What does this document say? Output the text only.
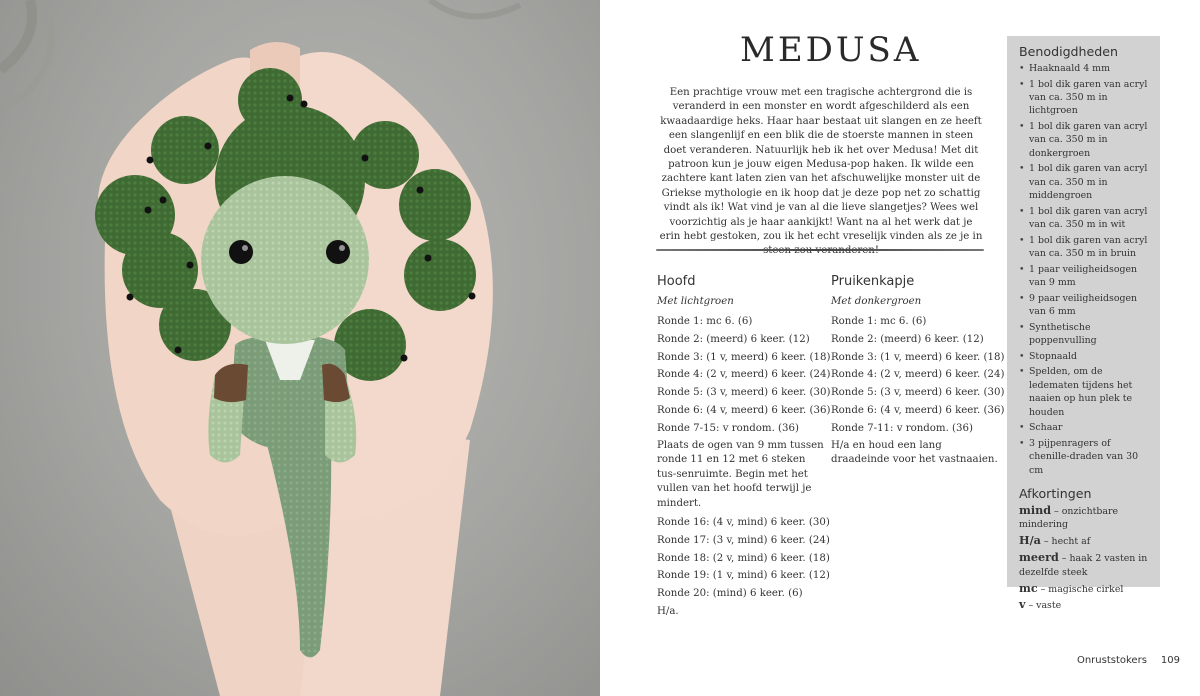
MEDUSA

Een prachtige vrouw met een tragische achtergrond die is veranderd in een monster en wordt afgeschilderd als een kwaadaardige heks. Haar haar bestaat uit slangen en ze heeft een slangenlijf en een blik die de stoerste mannen in steen doet veranderen. Natuurlijk heb ik het over Medusa! Met dit patroon kun je jouw eigen Medusa-pop haken. Ik wilde een zachtere kant laten zien van het afschuwelijke monster uit de Griekse mythologie en ik hoop dat je deze pop net zo schattig vindt als ik! Wat vind je van al die lieve slangetjes? Wees wel voorzichtig als je haar aankijkt! Want na al het werk dat je erin hebt gestoken, zou ik het echt vreselijk vinden als ze je in

Hoofd
Met lichtgroen
Ronde 1: mc 6. (6)
Ronde 2: (meerd) 6 keer. (12)
Ronde 3: (1 v, meerd) 6 keer. (18)
Ronde 4: (2 v, meerd) 6 keer. (24)
Ronde 5: (3 v, meerd) 6 keer. (30)
Ronde 6: (4 v, meerd) 6 keer. (36)
Ronde 7-15: v rondom. (36)
Plaats de ogen van 9 mm tussen ronde 11 en 12 met 6 steken tus-senruimte. Begin met het vullen van het hoofd terwijl je mindert.
Ronde 16: (4 v, mind) 6 keer. (30)
Ronde 17: (3 v, mind) 6 keer. (24)
Ronde 18: (2 v, mind) 6 keer. (18)
Ronde 19: (1 v, mind) 6 keer. (12)
Ronde 20: (mind) 6 keer. (6)
H/a.
Pruikenkapje
Met donkergroen
Ronde 1: mc 6. (6)
Ronde 2: (meerd) 6 keer. (12)
Ronde 3: (1 v, meerd) 6 keer. (18)
Ronde 4: (2 v, meerd) 6 keer. (24)
Ronde 5: (3 v, meerd) 6 keer. (30)
Ronde 6: (4 v, meerd) 6 keer. (36)
Ronde 7-11: v rondom. (36)
H/a en houd een lang draadeinde voor het vastnaaien.
Benodigdheden
• Haaknaald 4 mm
• 1 bol dik garen van acryl van ca. 350 m in lichtgroen
• 1 bol dik garen van acryl van ca. 350 m in donkergroen
• 1 bol dik garen van acryl van ca. 350 m in middengroen
• 1 bol dik garen van acryl van ca. 350 m in wit
• 1 bol dik garen van acryl van ca. 350 m in bruin
• 1 paar veiligheidsogen van 9 mm
• 9 paar veiligheidsogen van 6 mm
• Synthetische poppenvulling
• Stopnaald
• Spelden, om de ledematen tijdens het naaien op hun plek te houden
• Schaar
• 3 pijpenragers of chenille-draden van 30 cm
Afkortingen
mind – onzichtbare mindering
H/a – hecht af
meerd – haak 2 vasten in dezelfde steek
mc – magische cirkel
v – vaste
Onruststokers 109
